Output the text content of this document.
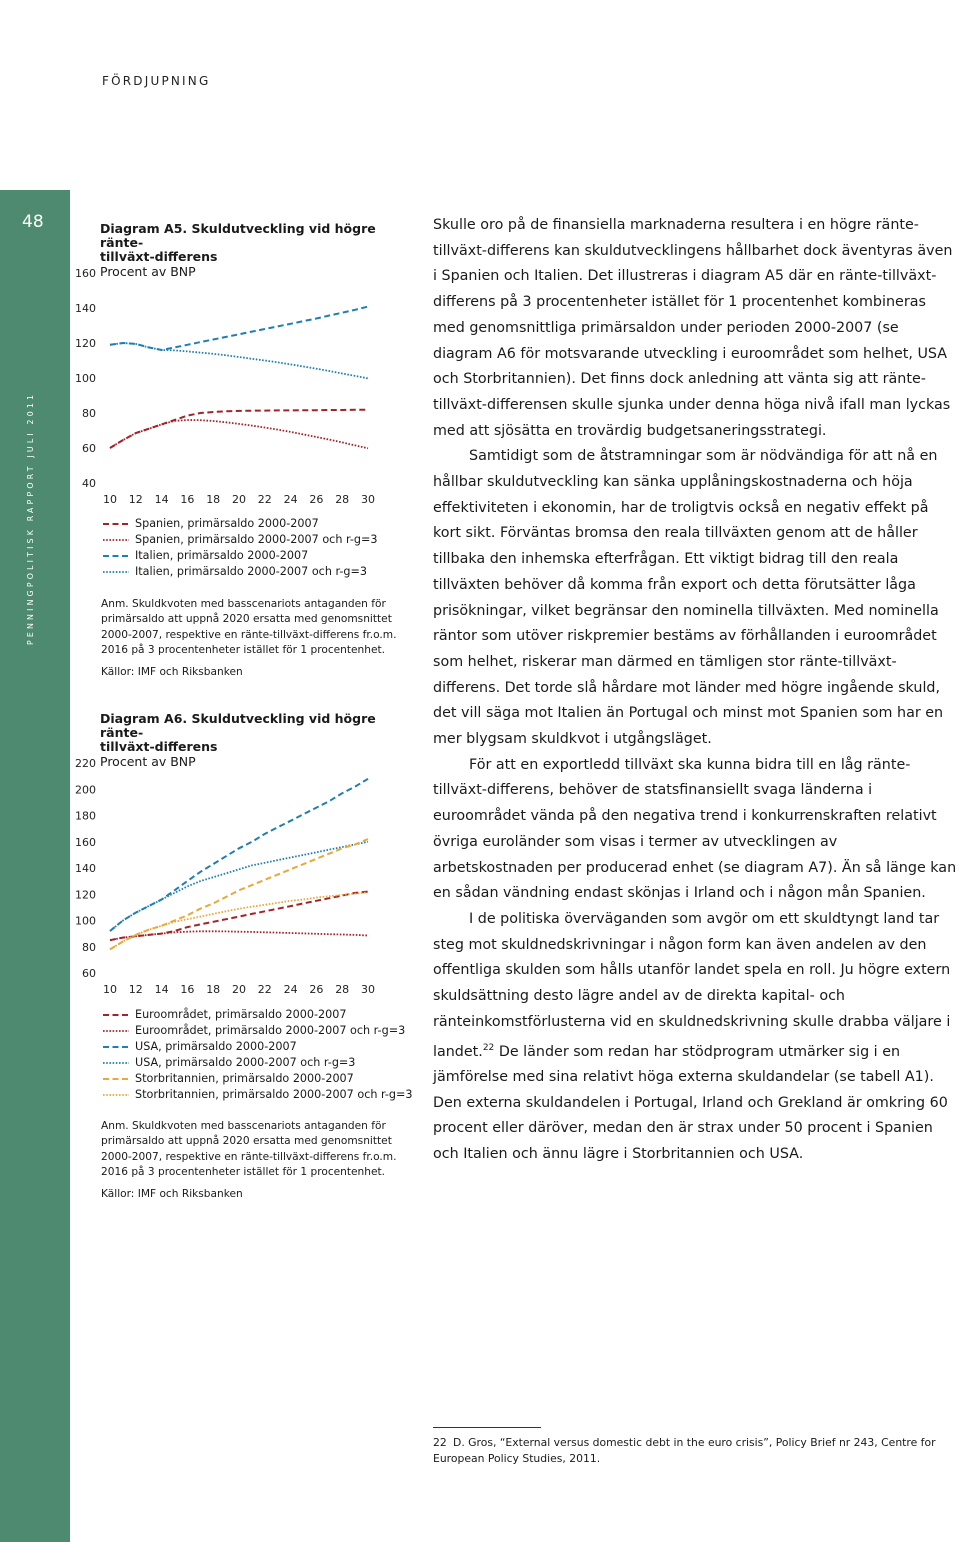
48
PENNINGPOLITISK RAPPORT JULI 2011
FÖRDJUPNING
Diagram A5. Skuldutveckling vid högre ränte-
tillväxt-differens
Procent av BNP
40
60
80
100
120
140
160
10 12 14 16 18 20 22 24 26 28 30
Spanien, primärsaldo 2000-2007
Spanien, primärsaldo 2000-2007 och r-g=3
Italien, primärsaldo 2000-2007
Italien, primärsaldo 2000-2007 och r-g=3

Anm. Skuldkvoten med basscenariots antaganden för

primärsaldo att uppnå 2020 ersatta med genomsnittet

2000-2007, respektive en ränte-tillväxt-differens fr.o.m.

2016 på 3 procentenheter istället för 1 procentenhet.

Källor: IMF och Riksbanken

Diagram A6. Skuldutveckling vid högre ränte-
tillväxt-differens
Procent av BNP
60
80
100
120
140
160
180
200
220
10 12 14 16 18 20 22 24 26 28 30
Euroområdet, primärsaldo 2000-2007
Euroområdet, primärsaldo 2000-2007 och r-g=3
USA, primärsaldo 2000-2007
USA, primärsaldo 2000-2007 och r-g=3
Storbritannien, primärsaldo 2000-2007
Storbritannien, primärsaldo 2000-2007 och r-g=3

Anm. Skuldkvoten med basscenariots antaganden för

primärsaldo att uppnå 2020 ersatta med genomsnittet

2000-2007, respektive en ränte-tillväxt-differens fr.o.m.

2016 på 3 procentenheter istället för 1 procentenhet.

Källor: IMF och Riksbanken

Skulle oro på de finansiella marknaderna resultera i en högre ränte-tillväxt-differens kan skuldutvecklingens hållbarhet dock äventyras även i Spanien och Italien. Det illustreras i diagram A5 där en ränte-tillväxt-differens på 3 procentenheter istället för 1 procentenhet kombineras med genomsnittliga primärsaldon under perioden 2000-2007 (se diagram A6 för motsvarande utveckling i euroområdet som helhet, USA och Storbritannien). Det finns dock anledning att vänta sig att ränte-tillväxt-differensen skulle sjunka under denna höga nivå ifall man lyckas med att sjösätta en trovärdig budgetsaneringsstrategi.

Samtidigt som de åtstramningar som är nödvändiga för att nå en hållbar skuldutveckling kan sänka upplåningskostnaderna och höja effektiviteten i ekonomin, har de troligtvis också en negativ effekt på kort sikt. Förväntas bromsa den reala tillväxten genom att de håller tillbaka den inhemska efterfrågan. Ett viktigt bidrag till den reala tillväxten behöver då komma från export och detta förutsätter låga prisökningar, vilket begränsar den nominella tillväxten. Med nominella räntor som utöver riskpremier bestäms av förhållanden i euroområdet som helhet, riskerar man därmed en tämligen stor ränte-tillväxt-differens. Det torde slå hårdare mot länder med högre ingående skuld, det vill säga mot Italien än Portugal och minst mot Spanien som har en mer blygsam skuldkvot i utgångsläget.

För att en exportledd tillväxt ska kunna bidra till en låg ränte-tillväxt-differens, behöver de statsfinansiellt svaga länderna i euroområdet vända på den negativa trend i konkurrenskraften relativt övriga euroländer som visas i termer av utvecklingen av arbetskostnaden per producerad enhet (se diagram A7). Än så länge kan en sådan vändning endast skönjas i Irland och i någon mån Spanien.

I de politiska överväganden som avgör om ett skuldtyngt land tar steg mot skuldnedskrivningar i någon form kan även andelen av den offentliga skulden som hålls utanför landet spela en roll. Ju högre extern skuldsättning desto lägre andel av de direkta kapital- och ränteinkomstförlusterna vid en skuldnedskrivning skulle drabba väljare i landet.$^{22}$ De länder som redan har stödprogram utmärker sig i en jämförelse med sina relativt höga externa skuldandelar (se tabell A1). Den externa skuldandelen i Portugal, Irland och Grekland är omkring 60 procent eller däröver, medan den är strax under 50 procent i Spanien och Italien och ännu lägre i Storbritannien och USA.

22 D. Gros, “External versus domestic debt in the euro crisis”, Policy Brief nr 243, Centre for European Policy Studies, 2011.
